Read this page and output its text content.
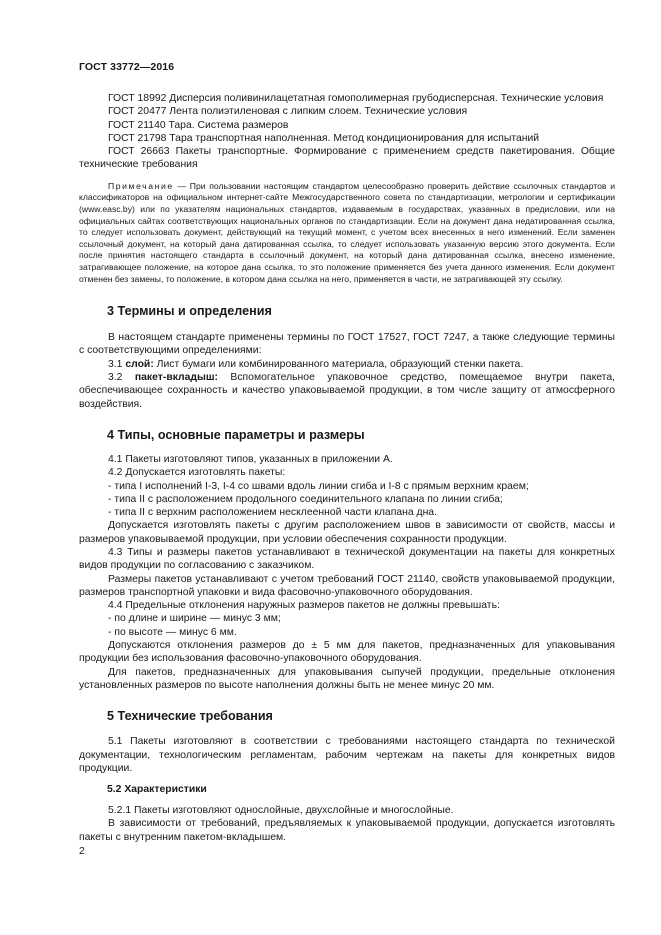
ГОСТ 33772—2016

ГОСТ 18992 Дисперсия поливинилацетатная гомополимерная грубодисперсная. Технические условия

ГОСТ 20477 Лента полиэтиленовая с липким слоем. Технические условия

ГОСТ 21140 Тара. Система размеров

ГОСТ 21798 Тара транспортная наполненная. Метод кондиционирования для испытаний

ГОСТ 26663 Пакеты транспортные. Формирование с применением средств пакетирования. Общие технические требования

Примечание — При пользовании настоящим стандартом целесообразно проверить действие ссылочных стандартов и классификаторов на официальном интернет-сайте Межгосударственного совета по стандартизации, метрологии и сертификации (www.easc.by) или по указателям национальных стандартов, издаваемым в государствах, указанных в предисловии, или на официальных сайтах соответствующих национальных органов по стандартизации. Если на документ дана недатированная ссылка, то следует использовать документ, действующий на текущий момент, с учетом всех внесенных в него изменений. Если заменен ссылочный документ, на который дана датированная ссылка, то следует использовать указанную версию этого документа. Если после принятия настоящего стандарта в ссылочный документ, на который дана датированная ссылка, внесено изменение, затрагивающее положение, на которое дана ссылка, то это положение применяется без учета данного изменения. Если документ отменен без замены, то положение, в котором дана ссылка на него, применяется в части, не затрагивающей эту ссылку.

3 Термины и определения

В настоящем стандарте применены термины по ГОСТ 17527, ГОСТ 7247, а также следующие термины с соответствующими определениями:

3.1 слой: Лист бумаги или комбинированного материала, образующий стенки пакета.

3.2 пакет-вкладыш: Вспомогательное упаковочное средство, помещаемое внутри пакета, обеспечивающее сохранность и качество упаковываемой продукции, в том числе защиту от атмосферного воздействия.

4 Типы, основные параметры и размеры

4.1 Пакеты изготовляют типов, указанных в приложении А.

4.2 Допускается изготовлять пакеты:

- типа I исполнений I-3, I-4 со швами вдоль линии сгиба и I-8 с прямым верхним краем;

- типа II с расположением продольного соединительного клапана по линии сгиба;

- типа II с верхним расположением несклеенной части клапана дна.

Допускается изготовлять пакеты с другим расположением швов в зависимости от свойств, массы и размеров упаковываемой продукции, при условии обеспечения сохранности продукции.

4.3 Типы и размеры пакетов устанавливают в технической документации на пакеты для конкретных видов продукции по согласованию с заказчиком.

Размеры пакетов устанавливают с учетом требований ГОСТ 21140, свойств упаковываемой продукции, размеров транспортной упаковки и вида фасовочно-упаковочного оборудования.

4.4 Предельные отклонения наружных размеров пакетов не должны превышать:

- по длине и ширине — минус 3 мм;

- по высоте — минус 6 мм.

Допускаются отклонения размеров до ± 5 мм для пакетов, предназначенных для упаковывания продукции без использования фасовочно-упаковочного оборудования.

Для пакетов, предназначенных для упаковывания сыпучей продукции, предельные отклонения установленных размеров по высоте наполнения должны быть не менее минус 20 мм.

5 Технические требования

5.1 Пакеты изготовляют в соответствии с требованиями настоящего стандарта по технической документации, технологическим регламентам, рабочим чертежам на пакеты для конкретных видов продукции.

5.2 Характеристики

5.2.1 Пакеты изготовляют однослойные, двухслойные и многослойные.

В зависимости от требований, предъявляемых к упаковываемой продукции, допускается изготовлять пакеты с внутренним пакетом-вкладышем.

2
